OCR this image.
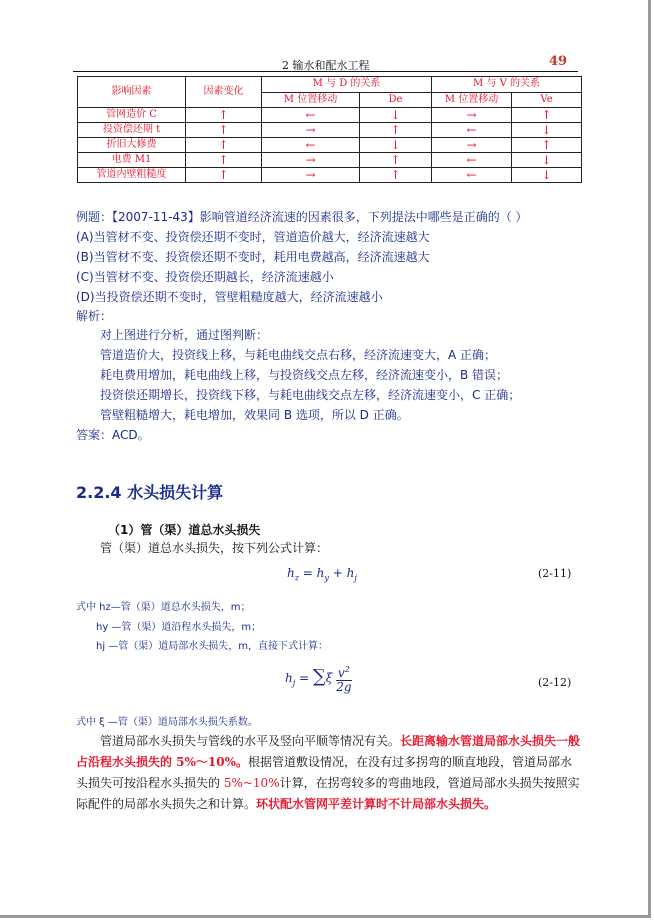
2 输水和配水工程	49
影响因素	因素变化	M 与 D 的关系		M 与 V 的关系	
		M 位置移动	De	M 位置移动	Ve
管网造价 C	↑	←	↓	→	↑
投资偿还期 t	↑	→	↑	←	↓
折旧大修费	↑	←	↓	→	↑
电费 M1	↑	→	↑	←	↓
管道内壁粗糙度	↑	→	↑	←	↓
例题：【2007-11-43】影响管道经济流速的因素很多，下列提法中哪些是正确的（ ）
(A)当管材不变、投资偿还期不变时，管道造价越大，经济流速越大
(B)当管材不变、投资偿还期不变时，耗用电费越高，经济流速越大
(C)当管材不变、投资偿还期越长，经济流速越小
(D)当投资偿还期不变时，管壁粗糙度越大，经济流速越小
解析：
对上图进行分析，通过图判断：
管道造价大，投资线上移，与耗电曲线交点右移，经济流速变大，A 正确；
耗电费用增加，耗电曲线上移，与投资线交点左移，经济流速变小，B 错误；
投资偿还期增长，投资线下移，与耗电曲线交点左移，经济流速变小，C 正确；
管壁粗糙增大，耗电增加，效果同 B 选项，所以 D 正确。
答案：ACD。
2.2.4 水头损失计算
（1）管（渠）道总水头损失
管（渠）道总水头损失，按下列公式计算：
$h_z = h_y + h_j$	(2-11)
式中 hz—管（渠）道总水头损失，m；
hy —管（渠）道沿程水头损失，m；
hj —管（渠）道局部水头损失，m，直接下式计算：
$h_j = \sum\xi \frac{v^2}{2g}$	(2-12)
式中 ξ —管（渠）道局部水头损失系数。
管道局部水头损失与管线的水平及竖向平顺等情况有关。长距离输水管道局部水头损失一般占沿程水头损失的 5%～10%。根据管道敷设情况，在没有过多拐弯的顺直地段，管道局部水头损失可按沿程水头损失的 5%~10%计算，在拐弯较多的弯曲地段，管道局部水头损失按照实际配件的局部水头损失之和计算。环状配水管网平差计算时不计局部水头损失。
